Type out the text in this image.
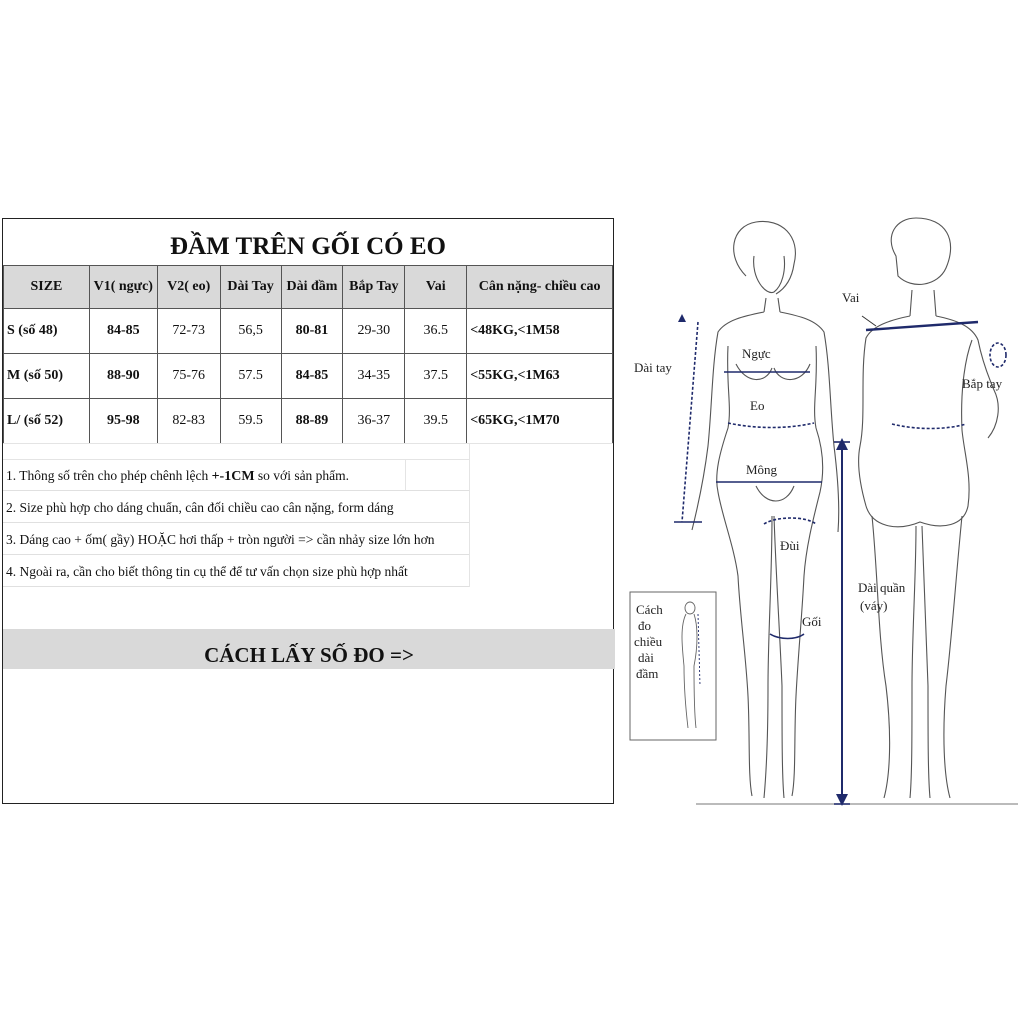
ĐẦM TRÊN GỐI CÓ EO
SIZE	V1( ngực)	V2( eo)	Dài Tay	Dài đầm	Bắp Tay	Vai	Cân nặng- chiều cao
S (số 48)	84-85	72-73	56,5	80-81	29-30	36.5	<48KG,<1M58
M (số 50)	88-90	75-76	57.5	84-85	34-35	37.5	<55KG,<1M63
L/ (số 52)	95-98	82-83	59.5	88-89	36-37	39.5	<65KG,<1M70
1. Thông số trên cho phép chênh lệch +-1CM so với sản phẩm.
2. Size phù hợp cho dáng chuẩn, cân đối chiều cao cân nặng, form dáng
3. Dáng cao + ốm( gầy) HOẶC hơi thấp + tròn người => cần nhảy size lớn hơn
4. Ngoài ra, cần cho biết thông tin cụ thể để tư vấn chọn size phù hợp nhất
CÁCH LẤY SỐ ĐO =>
Dài tay
Ngực
Eo
Mông
Đùi
Gối
Vai
Bắp tay
Dài quần
(váy)
Cách
đo
chiều
dài
đầm
